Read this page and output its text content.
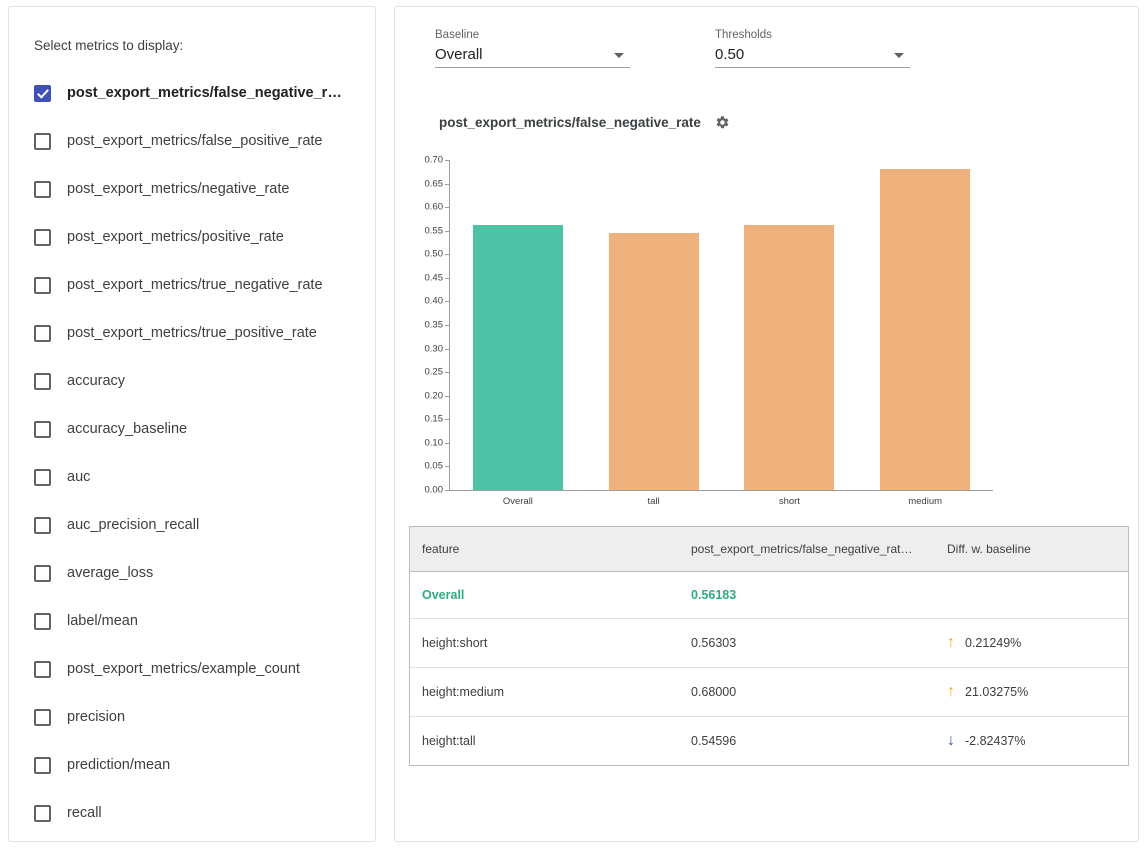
Select metrics to display:
post_export_metrics/false_negative_r…
post_export_metrics/false_positive_rate
post_export_metrics/negative_rate
post_export_metrics/positive_rate
post_export_metrics/true_negative_rate
post_export_metrics/true_positive_rate
accuracy
accuracy_baseline
auc
auc_precision_recall
average_loss
label/mean
post_export_metrics/example_count
precision
prediction/mean
recall
Baseline
Overall
Thresholds
0.50
post_export_metrics/false_negative_rate
0.00
0.05
0.10
0.15
0.20
0.25
0.30
0.35
0.40
0.45
0.50
0.55
0.60
0.65
0.70
Overall	tall	short	medium
feature	post_export_metrics/false_negative_rat…	Diff. w. baseline
Overall	0.56183	

height:short	0.56303	↑ 0.21249%

height:medium	0.68000	↑ 21.03275%

height:tall	0.54596	↓ -2.82437%
